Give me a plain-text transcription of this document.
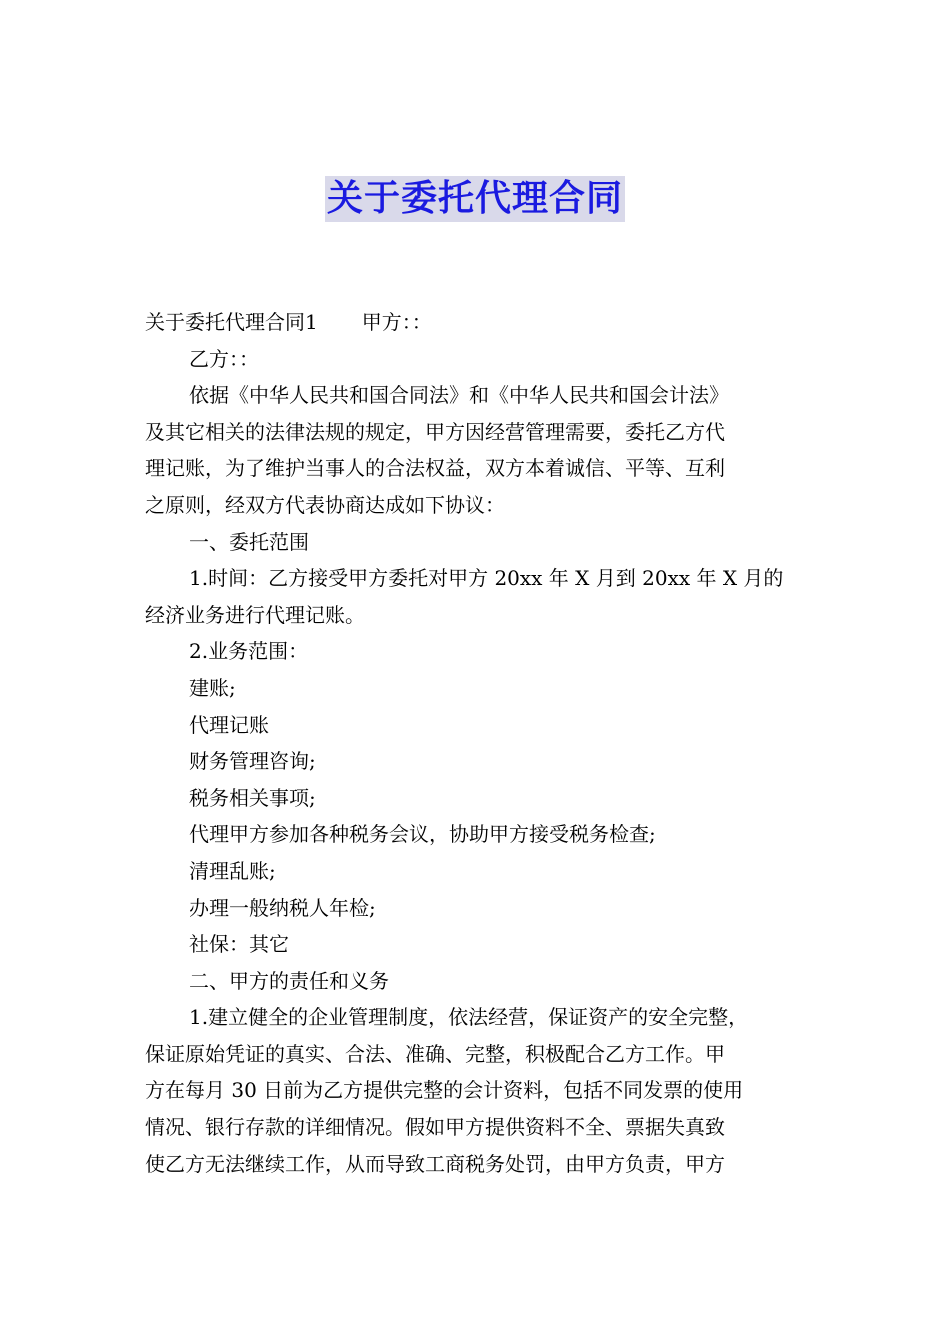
关于委托代理合同
关于委托代理合同1 甲方：：
乙方：：
依据《中华人民共和国合同法》和《中华人民共和国会计法》
及其它相关的法律法规的规定，甲方因经营管理需要，委托乙方代
理记账，为了维护当事人的合法权益，双方本着诚信、平等、互利
之原则，经双方代表协商达成如下协议：
一、委托范围
1.时间：乙方接受甲方委托对甲方 20xx 年 X 月到 20xx 年 X 月的
经济业务进行代理记账。
2.业务范围：
建账;
代理记账
财务管理咨询;
税务相关事项;
代理甲方参加各种税务会议，协助甲方接受税务检查;
清理乱账;
办理一般纳税人年检;
社保：其它
二、甲方的责任和义务
1.建立健全的企业管理制度，依法经营，保证资产的安全完整，
保证原始凭证的真实、合法、准确、完整，积极配合乙方工作。甲
方在每月 30 日前为乙方提供完整的会计资料，包括不同发票的使用
情况、银行存款的详细情况。假如甲方提供资料不全、票据失真致
使乙方无法继续工作，从而导致工商税务处罚，由甲方负责，甲方
